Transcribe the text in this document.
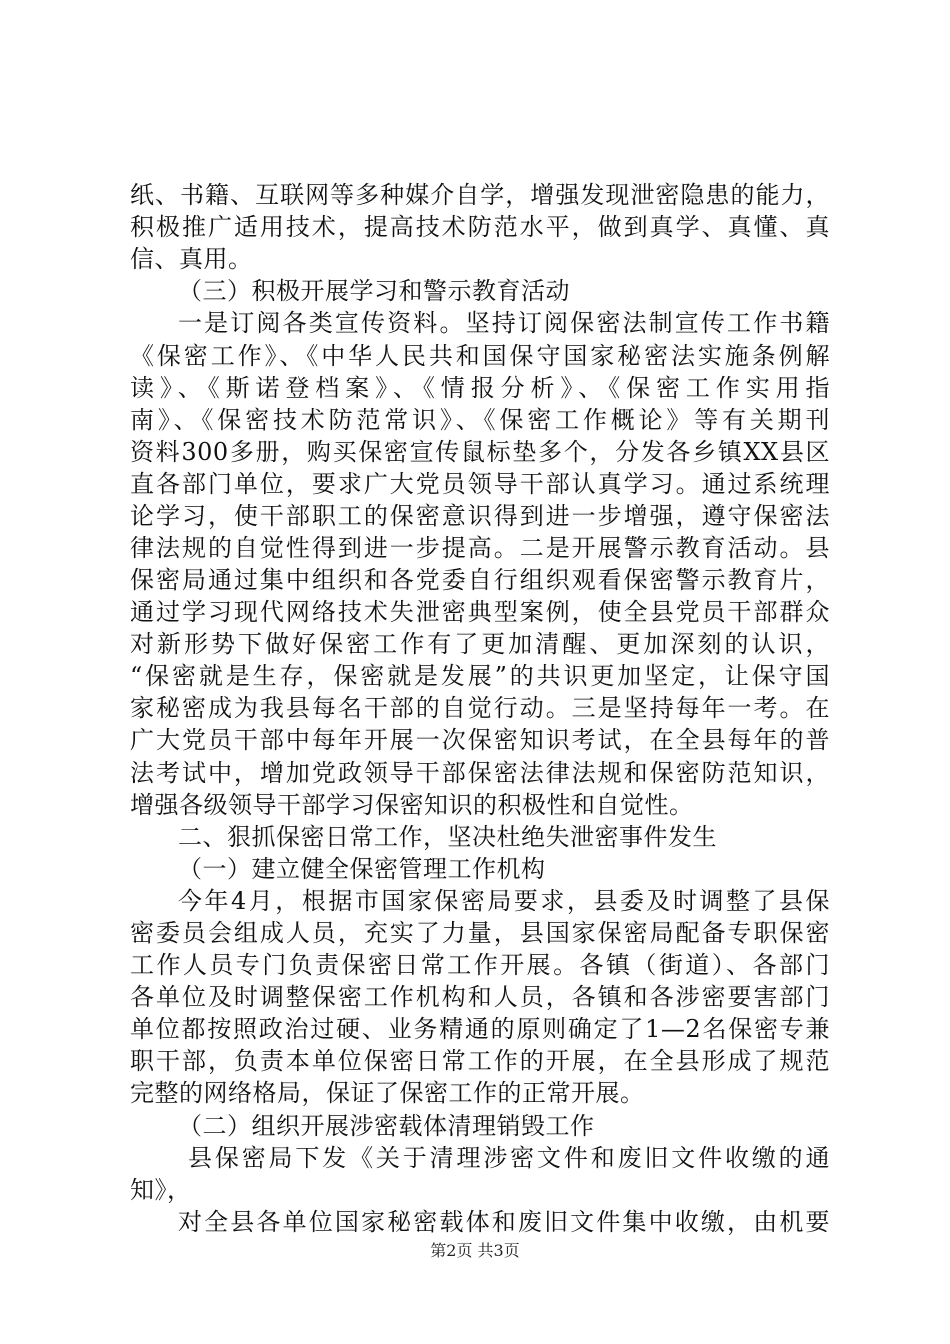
纸、书籍、互联网等多种媒介自学，增强发现泄密隐患的能力，
积极推广适用技术，提高技术防范水平，做到真学、真懂、真
信、真用。
（三）积极开展学习和警示教育活动
一是订阅各类宣传资料。坚持订阅保密法制宣传工作书籍
《保密工作》、《中华人民共和国保守国家秘密法实施条例解
读》、《斯诺登档案》、《情报分析》、《保密工作实用指
南》、《保密技术防范常识》、《保密工作概论》等有关期刊
资料300多册，购买保密宣传鼠标垫多个，分发各乡镇XX县区
直各部门单位，要求广大党员领导干部认真学习。通过系统理
论学习，使干部职工的保密意识得到进一步增强，遵守保密法
律法规的自觉性得到进一步提高。二是开展警示教育活动。县
保密局通过集中组织和各党委自行组织观看保密警示教育片，
通过学习现代网络技术失泄密典型案例，使全县党员干部群众
对新形势下做好保密工作有了更加清醒、更加深刻的认识，
“保密就是生存，保密就是发展”的共识更加坚定，让保守国
家秘密成为我县每名干部的自觉行动。三是坚持每年一考。在
广大党员干部中每年开展一次保密知识考试，在全县每年的普
法考试中，增加党政领导干部保密法律法规和保密防范知识，
增强各级领导干部学习保密知识的积极性和自觉性。
二、狠抓保密日常工作，坚决杜绝失泄密事件发生
（一）建立健全保密管理工作机构
今年4月，根据市国家保密局要求，县委及时调整了县保
密委员会组成人员，充实了力量，县国家保密局配备专职保密
工作人员专门负责保密日常工作开展。各镇（街道）、各部门
各单位及时调整保密工作机构和人员，各镇和各涉密要害部门
单位都按照政治过硬、业务精通的原则确定了1—2名保密专兼
职干部，负责本单位保密日常工作的开展，在全县形成了规范
完整的网络格局，保证了保密工作的正常开展。
（二）组织开展涉密载体清理销毁工作
县保密局下发《关于清理涉密文件和废旧文件收缴的通
知》，
对全县各单位国家秘密载体和废旧文件集中收缴，由机要
第2页 共3页
